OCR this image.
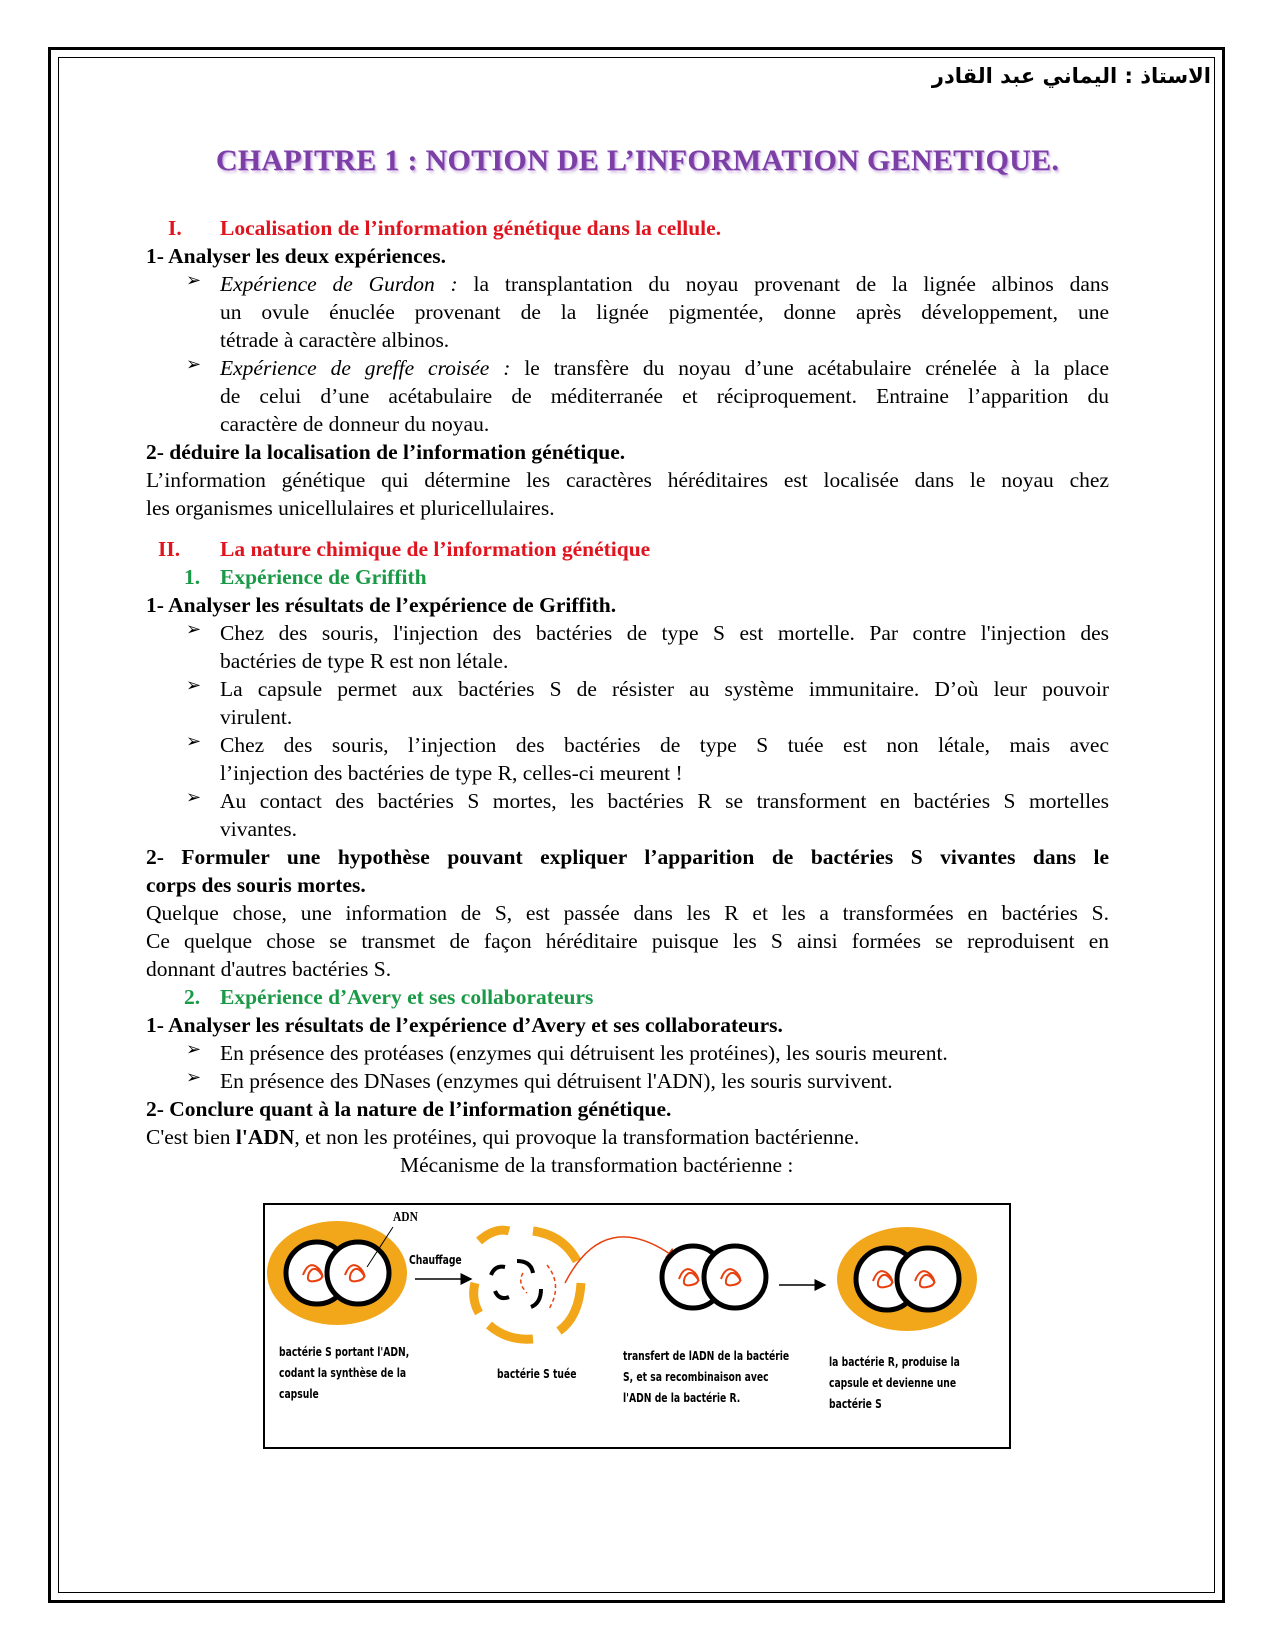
الاستاذ : اليماني عبد القادر
CHAPITRE 1 : NOTION DE L’INFORMATION GENETIQUE.
I. Localisation de l’information génétique dans la cellule.
1- Analyser les deux expériences.
➢ Expérience de Gurdon : la transplantation du noyau provenant de la lignée albinos dans
un ovule énuclée provenant de la lignée pigmentée, donne après développement, une
tétrade à caractère albinos.
➢ Expérience de greffe croisée : le transfère du noyau d’une acétabulaire crénelée à la place
de celui d’une acétabulaire de méditerranée et réciproquement. Entraine l’apparition du
caractère de donneur du noyau.
2- déduire la localisation de l’information génétique.
L’information génétique qui détermine les caractères héréditaires est localisée dans le noyau chez
les organismes unicellulaires et pluricellulaires.
II. La nature chimique de l’information génétique
1. Expérience de Griffith
1- Analyser les résultats de l’expérience de Griffith.
➢ Chez des souris, l'injection des bactéries de type S est mortelle. Par contre l'injection des
bactéries de type R est non létale.
➢ La capsule permet aux bactéries S de résister au système immunitaire. D’où leur pouvoir
virulent.
➢ Chez des souris, l’injection des bactéries de type S tuée est non létale, mais avec
l’injection des bactéries de type R, celles-ci meurent !
➢ Au contact des bactéries S mortes, les bactéries R se transforment en bactéries S mortelles
vivantes.
2- Formuler une hypothèse pouvant expliquer l’apparition de bactéries S vivantes dans le
corps des souris mortes.
Quelque chose, une information de S, est passée dans les R et les a transformées en bactéries S.
Ce quelque chose se transmet de façon héréditaire puisque les S ainsi formées se reproduisent en
donnant d'autres bactéries S.
2. Expérience d’Avery et ses collaborateurs
1- Analyser les résultats de l’expérience d’Avery et ses collaborateurs.
➢ En présence des protéases (enzymes qui détruisent les protéines), les souris meurent.
➢ En présence des DNases (enzymes qui détruisent l'ADN), les souris survivent.
2- Conclure quant à la nature de l’information génétique.
C'est bien l'ADN, et non les protéines, qui provoque la transformation bactérienne.
Mécanisme de la transformation bactérienne :
ADN
Chauffage
bactérie S portant l'ADN,
codant la synthèse de la
capsule
bactérie S tuée
transfert de lADN de la bactérie
S, et sa recombinaison avec
l'ADN de la bactérie R.
la bactérie R, produise la
capsule et devienne une
bactérie S
